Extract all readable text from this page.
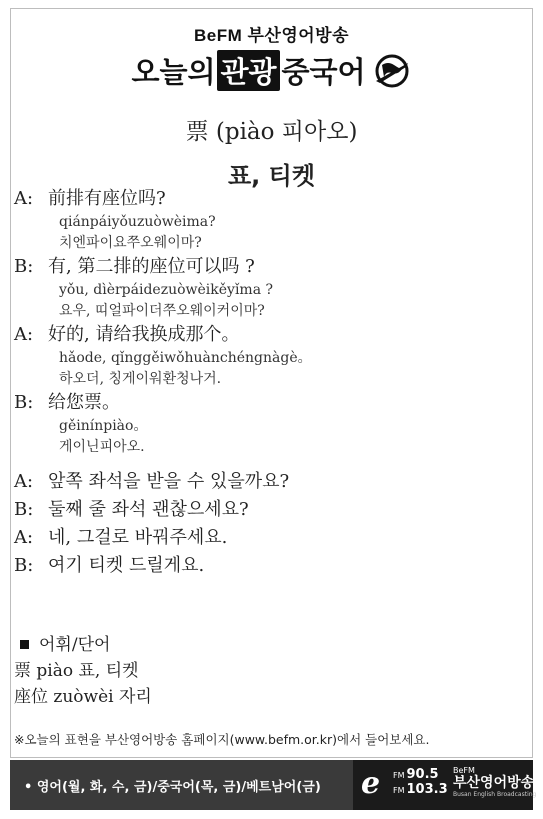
BeFM 부산영어방송
오늘의 관광 중국어
票 (piào 피아오)
표, 티켓
A: 前排有座位吗?
qiánpáiyǒuzuòwèima?
치엔파이요쭈오웨이마?
B: 有, 第二排的座位可以吗 ?
yǒu, dìèrpáidezuòwèikěyǐma ?
요우, 띠얼파이더쭈오웨이커이마?
A: 好的, 请给我换成那个。
hǎode, qǐnggěiwǒhuànchéngnàgè。
하오더, 칭게이워환청나거.
B: 给您票。
gěinínpiào。
게이닌피아오.
A: 앞쪽 좌석을 받을 수 있을까요?
B: 둘째 줄 좌석 괜찮으세요?
A: 네, 그걸로 바꿔주세요.
B: 여기 티켓 드릴게요.
어휘/단어
票 piào 표, 티켓
座位 zuòwèi 자리
※오늘의 표현을 부산영어방송 홈페이지(www.befm.or.kr)에서 들어보세요.
• 영어(월, 화, 수, 금)/중국어(목, 금)/베트남어(금) e FM 90.5
FM 103.3
BeFM
부산영어방송
Busan English Broadcasting
